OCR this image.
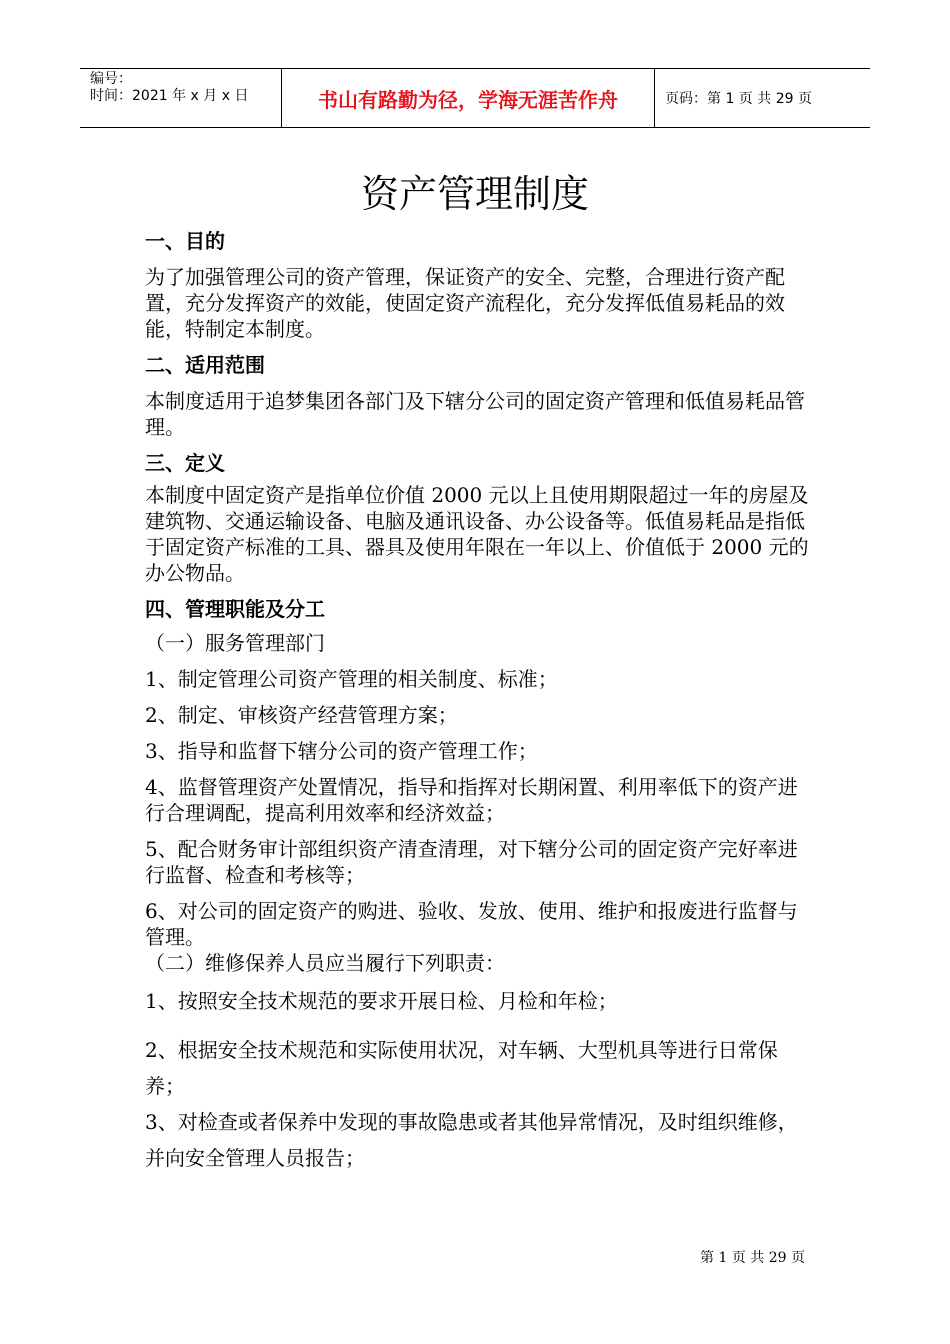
编号：
时间：2021 年 x 月 x 日	书山有路勤为径，学海无涯苦作舟	页码：第 1 页 共 29 页
资产管理制度

一、目的

为了加强管理公司的资产管理，保证资产的安全、完整，合理进行资产配置，充分发挥资产的效能，使固定资产流程化，充分发挥低值易耗品的效能，特制定本制度。

二、适用范围

本制度适用于追梦集团各部门及下辖分公司的固定资产管理和低值易耗品管理。

三、定义

本制度中固定资产是指单位价值 2000 元以上且使用期限超过一年的房屋及建筑物、交通运输设备、电脑及通讯设备、办公设备等。低值易耗品是指低于固定资产标准的工具、器具及使用年限在一年以上、价值低于 2000 元的办公物品。

四、管理职能及分工

（一）服务管理部门

1、制定管理公司资产管理的相关制度、标准；

2、制定、审核资产经营管理方案；

3、指导和监督下辖分公司的资产管理工作；

4、监督管理资产处置情况，指导和指挥对长期闲置、利用率低下的资产进行合理调配，提高利用效率和经济效益；

5、配合财务审计部组织资产清查清理，对下辖分公司的固定资产完好率进行监督、检查和考核等；

6、对公司的固定资产的购进、验收、发放、使用、维护和报废进行监督与管理。

（二）维修保养人员应当履行下列职责：

1、按照安全技术规范的要求开展日检、月检和年检；

2、根据安全技术规范和实际使用状况，对车辆、大型机具等进行日常保养；

3、对检查或者保养中发现的事故隐患或者其他异常情况，及时组织维修，并向安全管理人员报告；

第 1 页 共 29 页
